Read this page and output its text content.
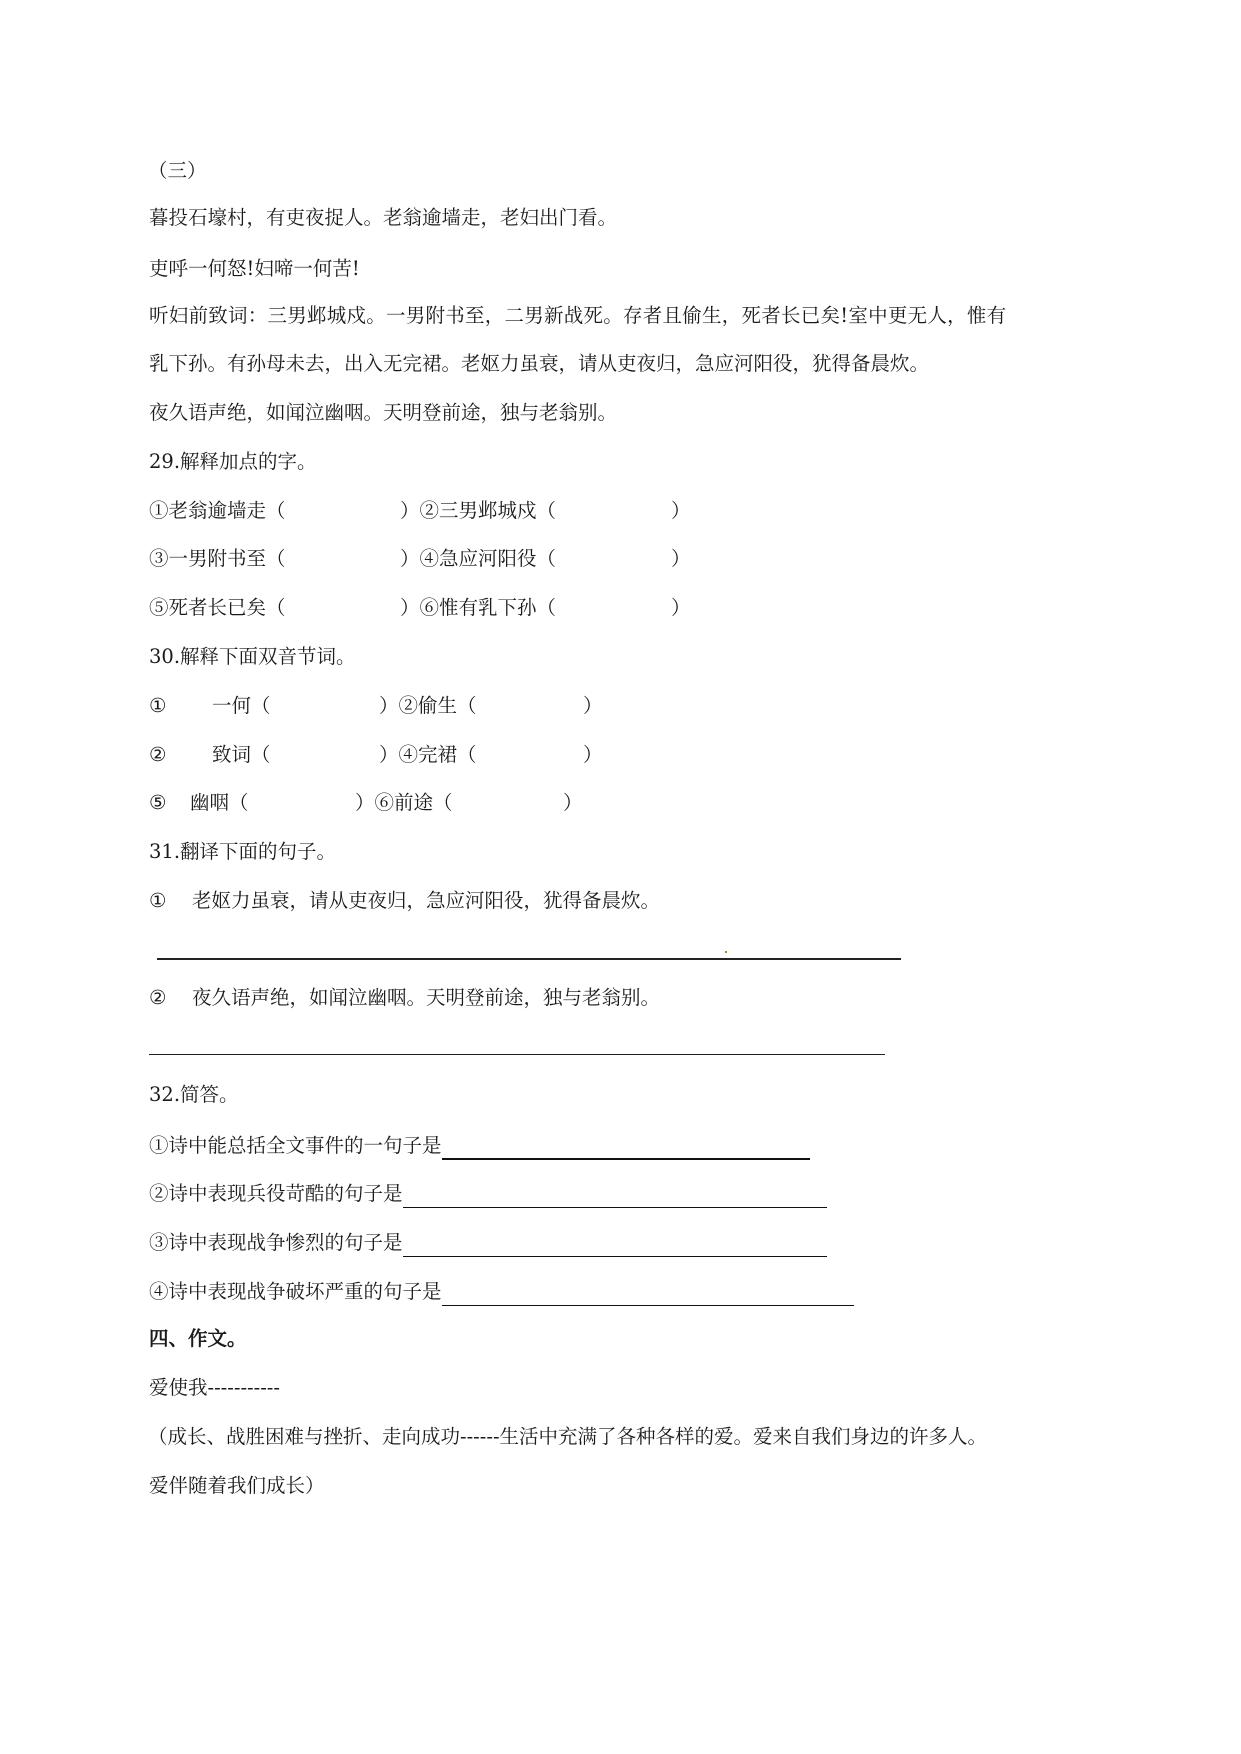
（三）
暮投石壕村，有吏夜捉人。老翁逾墙走，老妇出门看。
吏呼一何怒!妇啼一何苦!
听妇前致词：三男邺城戍。一男附书至，二男新战死。存者且偷生，死者长已矣!室中更无人，惟有
乳下孙。有孙母未去，出入无完裙。老妪力虽衰，请从吏夜归，急应河阳役，犹得备晨炊。
夜久语声绝，如闻泣幽咽。天明登前途，独与老翁别。
29.解释加点的字。
①老翁逾墙走（	）②三男邺城戍（	）
③一男附书至（	）④急应河阳役（	）
⑤死者长已矣（	）⑥惟有乳下孙（	）
30.解释下面双音节词。
① 一何（	）②偷生（	）
② 致词（	）④完裙（	）
⑤ 幽咽（	）⑥前途（	）
31.翻译下面的句子。
① 老妪力虽衰，请从吏夜归，急应河阳役，犹得备晨炊。
② 夜久语声绝，如闻泣幽咽。天明登前途，独与老翁别。
32.简答。
①诗中能总括全文事件的一句子是
②诗中表现兵役苛酷的句子是
③诗中表现战争惨烈的句子是
④诗中表现战争破坏严重的句子是
四、作文。
爱使我-----------
（成长、战胜困难与挫折、走向成功------生活中充满了各种各样的爱。爱来自我们身边的许多人。
爱伴随着我们成长）
